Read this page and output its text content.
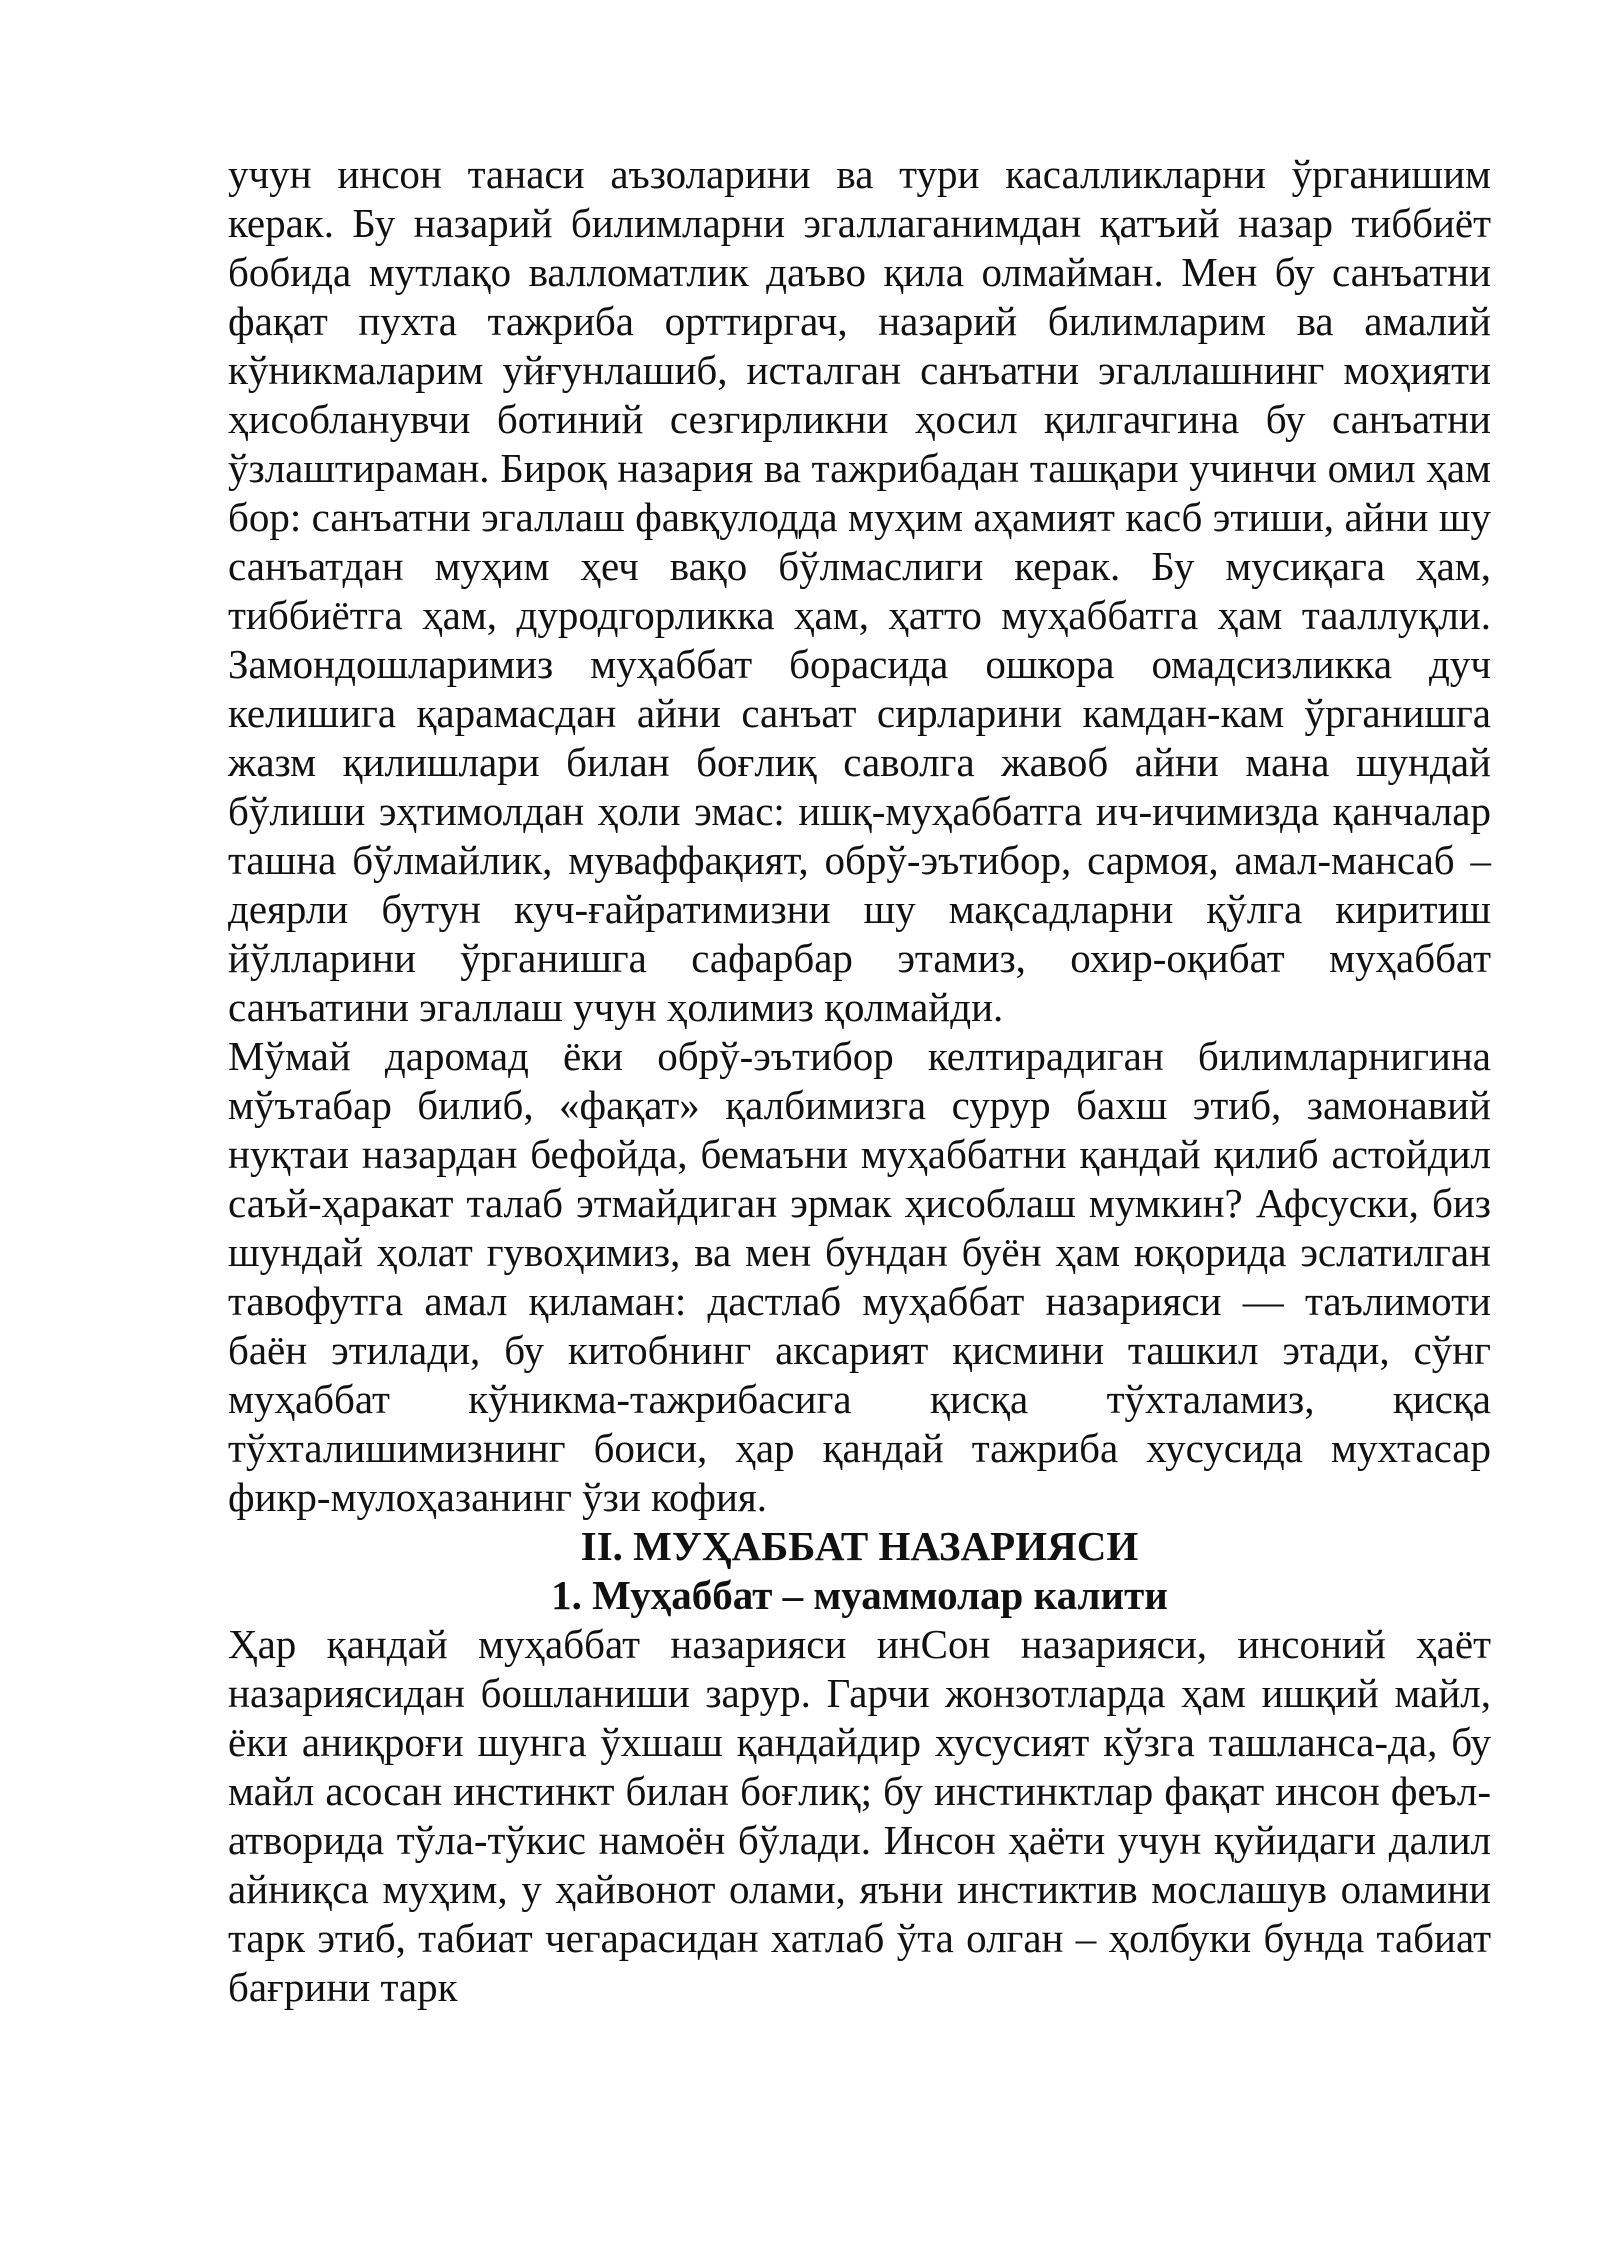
учун инсон танаси аъзоларини ва тури касалликларни ўрганишим керак. Бу назарий билимларни эгаллаганимдан қатъий назар тиббиёт бобида мутлақо валломатлик даъво қила олмайман. Мен бу санъатни фақат пухта тажриба орттиргач, назарий билимларим ва амалий кўникмаларим уйғунлашиб, исталган санъатни эгаллашнинг моҳияти ҳисобланувчи ботиний сезгирликни ҳосил қилгачгина бу санъатни ўзлаштираман. Бироқ назария ва тажрибадан ташқари учинчи омил ҳам бор: санъатни эгаллаш фавқулодда муҳим аҳамият касб этиши, айни шу санъатдан муҳим ҳеч вақо бўлмаслиги керак. Бу мусиқага ҳам, тиббиётга ҳам, дуродгорликка ҳам, ҳатто муҳаббатга ҳам тааллуқли. Замондошларимиз муҳаббат борасида ошкора омадсизликка дуч келишига қарамасдан айни санъат сирларини камдан-кам ўрганишга жазм қилишлари билан боғлиқ саволга жавоб айни мана шундай бўлиши эҳтимолдан ҳоли эмас: ишқ-муҳаббатга ич-ичимизда қанчалар ташна бўлмайлик, муваффақият, обрў-эътибор, сармоя, амал-мансаб – деярли бутун куч-ғайратимизни шу мақсадларни қўлга киритиш йўлларини ўрганишга сафарбар этамиз, охир-оқибат муҳаббат санъатини эгаллаш учун ҳолимиз қолмайди.

Мўмай даромад ёки обрў-эътибор келтирадиган билимларнигина мўътабар билиб, «фақат» қалбимизга сурур бахш этиб, замонавий нуқтаи назардан бефойда, бемаъни муҳаббатни қандай қилиб астойдил саъй-ҳаракат талаб этмайдиган эрмак ҳисоблаш мумкин? Афсуски, биз шундай ҳолат гувоҳимиз, ва мен бундан буён ҳам юқорида эслатилган тавофутга амал қиламан: дастлаб муҳаббат назарияси — таълимоти баён этилади, бу китобнинг аксарият қисмини ташкил этади, сўнг муҳаббат кўникма-тажрибасига қисқа тўхталамиз, қисқа тўхталишимизнинг боиси, ҳар қандай тажриба хусусида мухтасар фикр-мулоҳазанинг ўзи кофия.

II. МУҲАББАТ НАЗАРИЯСИ

1. Муҳаббат – муаммолар калити

Ҳар қандай муҳаббат назарияси инСон назарияси, инсоний ҳаёт назариясидан бошланиши зарур. Гарчи жонзотларда ҳам ишқий майл, ёки аниқроғи шунга ўхшаш қандайдир хусусият кўзга ташланса-да, бу майл асосан инстинкт билан боғлиқ; бу инстинктлар фақат инсон феъл-атворида тўла-тўкис намоён бўлади. Инсон ҳаёти учун қуйидаги далил айниқса муҳим, у ҳайвонот олами, яъни инстиктив мослашув оламини тарк этиб, табиат чегарасидан хатлаб ўта олган – ҳолбуки бунда табиат бағрини тарк
